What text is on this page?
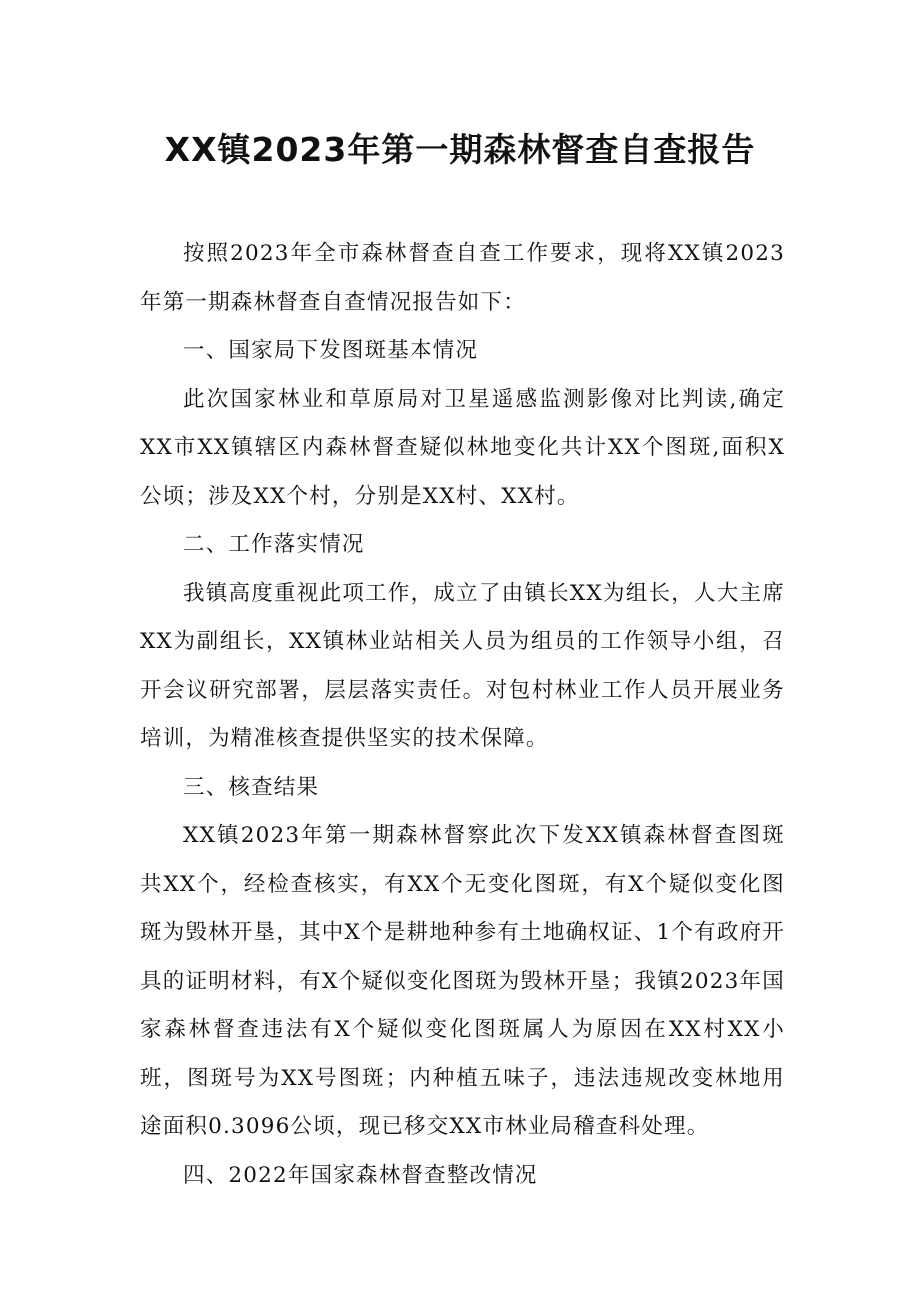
XX镇2023年第一期森林督查自查报告

按照2023年全市森林督查自查工作要求，现将XX镇2023年第一期森林督查自查情况报告如下：

一、国家局下发图斑基本情况

此次国家林业和草原局对卫星遥感监测影像对比判读,确定XX市XX镇辖区内森林督查疑似林地变化共计XX个图斑,面积X公顷；涉及XX个村，分别是XX村、XX村。

二、工作落实情况

我镇高度重视此项工作，成立了由镇长XX为组长，人大主席XX为副组长，XX镇林业站相关人员为组员的工作领导小组，召开会议研究部署，层层落实责任。对包村林业工作人员开展业务培训，为精准核查提供坚实的技术保障。

三、核查结果

XX镇2023年第一期森林督察此次下发XX镇森林督查图斑共XX个，经检查核实，有XX个无变化图斑，有X个疑似变化图斑为毁林开垦，其中X个是耕地种参有土地确权证、1个有政府开具的证明材料，有X个疑似变化图斑为毁林开垦；我镇2023年国家森林督查违法有X个疑似变化图斑属人为原因在XX村XX小班，图斑号为XX号图斑；内种植五味子，违法违规改变林地用途面积0.3096公顷，现已移交XX市林业局稽查科处理。

四、2022年国家森林督查整改情况
